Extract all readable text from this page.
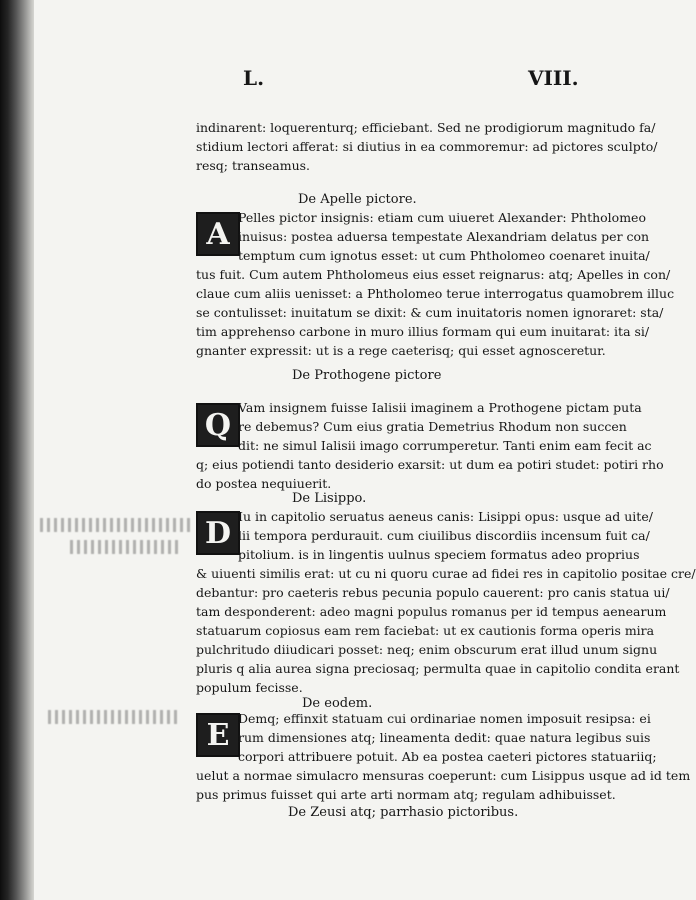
L.	VIII.
indinarent: loquerenturq; efficiebant. Sed ne prodigiorum magnitudo fa/
stidium lectori afferat: si diutius in ea commoremur: ad pictores sculpto/
resq; transeamus.
De Apelle pictore.
A Pelles pictor insignis: etiam cum uiueret Alexander: Phtholomeo
inuisus: postea aduersa tempestate Alexandriam delatus per con
temptum cum ignotus esset: ut cum Phtholomeo coenaret inuita/
tus fuit. Cum autem Phtholomeus eius esset reignarus: atq; Apelles in con/
claue cum aliis uenisset: a Phtholomeo terue interrogatus quamobrem illuc
se contulisset: inuitatum se dixit: & cum inuitatoris nomen ignoraret: sta/
tim apprehenso carbone in muro illius formam qui eum inuitarat: ita si/
gnanter expressit: ut is a rege caeterisq; qui esset agnosceretur.
De Prothogene pictore
Q Vam insignem fuisse Ialisii imaginem a Prothogene pictam puta
re debemus? Cum eius gratia Demetrius Rhodum non succen
dit: ne simul Ialisii imago corrumperetur. Tanti enim eam fecit ac
q; eius potiendi tanto desiderio exarsit: ut dum ea potiri studet: potiri rho
do postea nequiuerit.
De Lisippo.
D Iu in capitolio seruatus aeneus canis: Lisippi opus: usque ad uite/
lii tempora perdurauit. cum ciuilibus discordiis incensum fuit ca/
pitolium. is in lingentis uulnus speciem formatus adeo proprius
& uiuenti similis erat: ut cu ni quoru curae ad fidei res in capitolio positae cre/
debantur: pro caeteris rebus pecunia populo cauerent: pro canis statua ui/
tam desponderent: adeo magni populus romanus per id tempus aenearum
statuarum copiosus eam rem faciebat: ut ex cautionis forma operis mira
pulchritudo diiudicari posset: neq; enim obscurum erat illud unum signu
pluris q alia aurea signa preciosaq; permulta quae in capitolio condita erant
populum fecisse.
De eodem.
E Demq; effinxit statuam cui ordinariae nomen imposuit resipsa: ei
rum dimensiones atq; lineamenta dedit: quae natura legibus suis
corpori attribuere potuit. Ab ea postea caeteri pictores statuariiq;
uelut a normae simulacro mensuras coeperunt: cum Lisippus usque ad id tem
pus primus fuisset qui arte arti normam atq; regulam adhibuisset.
De Zeusi atq; parrhasio pictoribus.
